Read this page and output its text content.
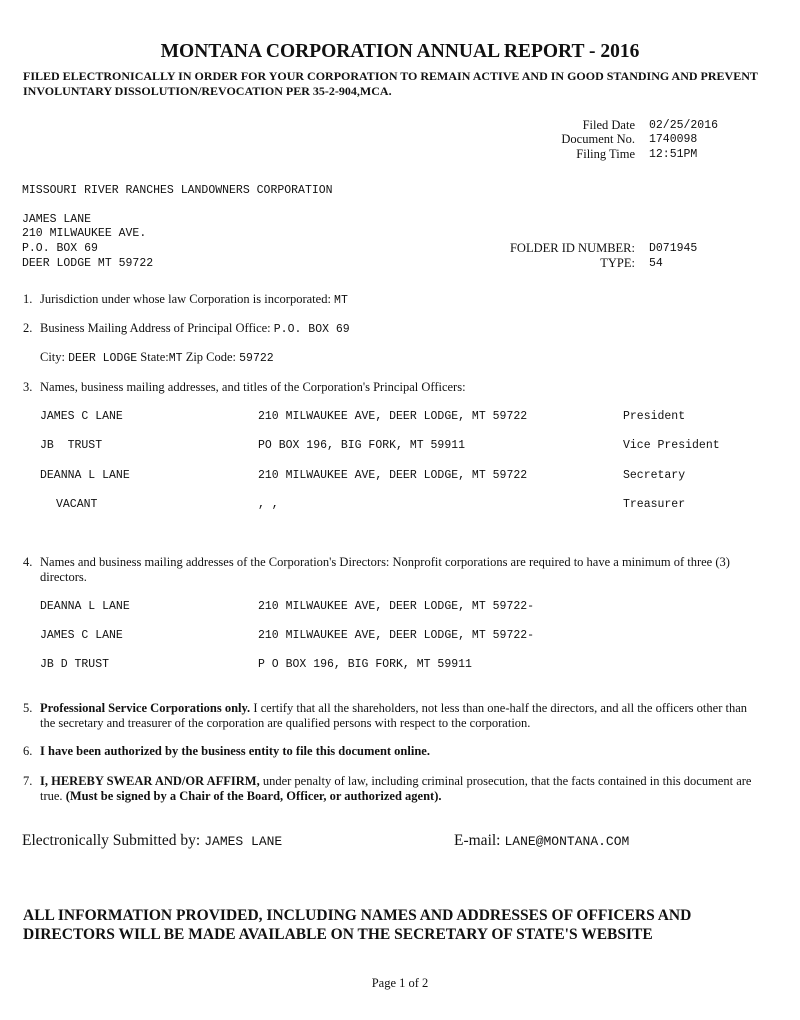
MONTANA CORPORATION ANNUAL REPORT - 2016
FILED ELECTRONICALLY IN ORDER FOR YOUR CORPORATION TO REMAIN ACTIVE AND IN GOOD STANDING AND PREVENT INVOLUNTARY DISSOLUTION/REVOCATION PER 35-2-904,MCA.
Filed Date 02/25/2016
Document No. 1740098
Filing Time 12:51PM
MISSOURI RIVER RANCHES LANDOWNERS CORPORATION
JAMES LANE
210 MILWAUKEE AVE.
P.O. BOX 69
DEER LODGE MT 59722
FOLDER ID NUMBER: D071945
TYPE: 54
1. Jurisdiction under whose law Corporation is incorporated: MT
2. Business Mailing Address of Principal Office: P.O. BOX 69
City: DEER LODGE State:MT Zip Code: 59722
3. Names, business mailing addresses, and titles of the Corporation's Principal Officers:
JAMES C LANE	210 MILWAUKEE AVE, DEER LODGE, MT 59722	President
JB  TRUST	PO BOX 196, BIG FORK, MT 59911	Vice President
DEANNA L LANE	210 MILWAUKEE AVE, DEER LODGE, MT 59722	Secretary
VACANT	, ,	Treasurer
4. Names and business mailing addresses of the Corporation's Directors: Nonprofit corporations are required to have a minimum of three (3) directors.
DEANNA L LANE	210 MILWAUKEE AVE, DEER LODGE, MT 59722-
JAMES C LANE	210 MILWAUKEE AVE, DEER LODGE, MT 59722-
JB D TRUST	P O BOX 196, BIG FORK, MT 59911
5. Professional Service Corporations only. I certify that all the shareholders, not less than one-half the directors, and all the officers other than the secretary and treasurer of the corporation are qualified persons with respect to the corporation.
6. I have been authorized by the business entity to file this document online.
7. I, HEREBY SWEAR AND/OR AFFIRM, under penalty of law, including criminal prosecution, that the facts contained in this document are true. (Must be signed by a Chair of the Board, Officer, or authorized agent).
Electronically Submitted by: JAMES LANE	E-mail: LANE@MONTANA.COM
ALL INFORMATION PROVIDED, INCLUDING NAMES AND ADDRESSES OF OFFICERS AND DIRECTORS WILL BE MADE AVAILABLE ON THE SECRETARY OF STATE'S WEBSITE
Page 1 of 2
